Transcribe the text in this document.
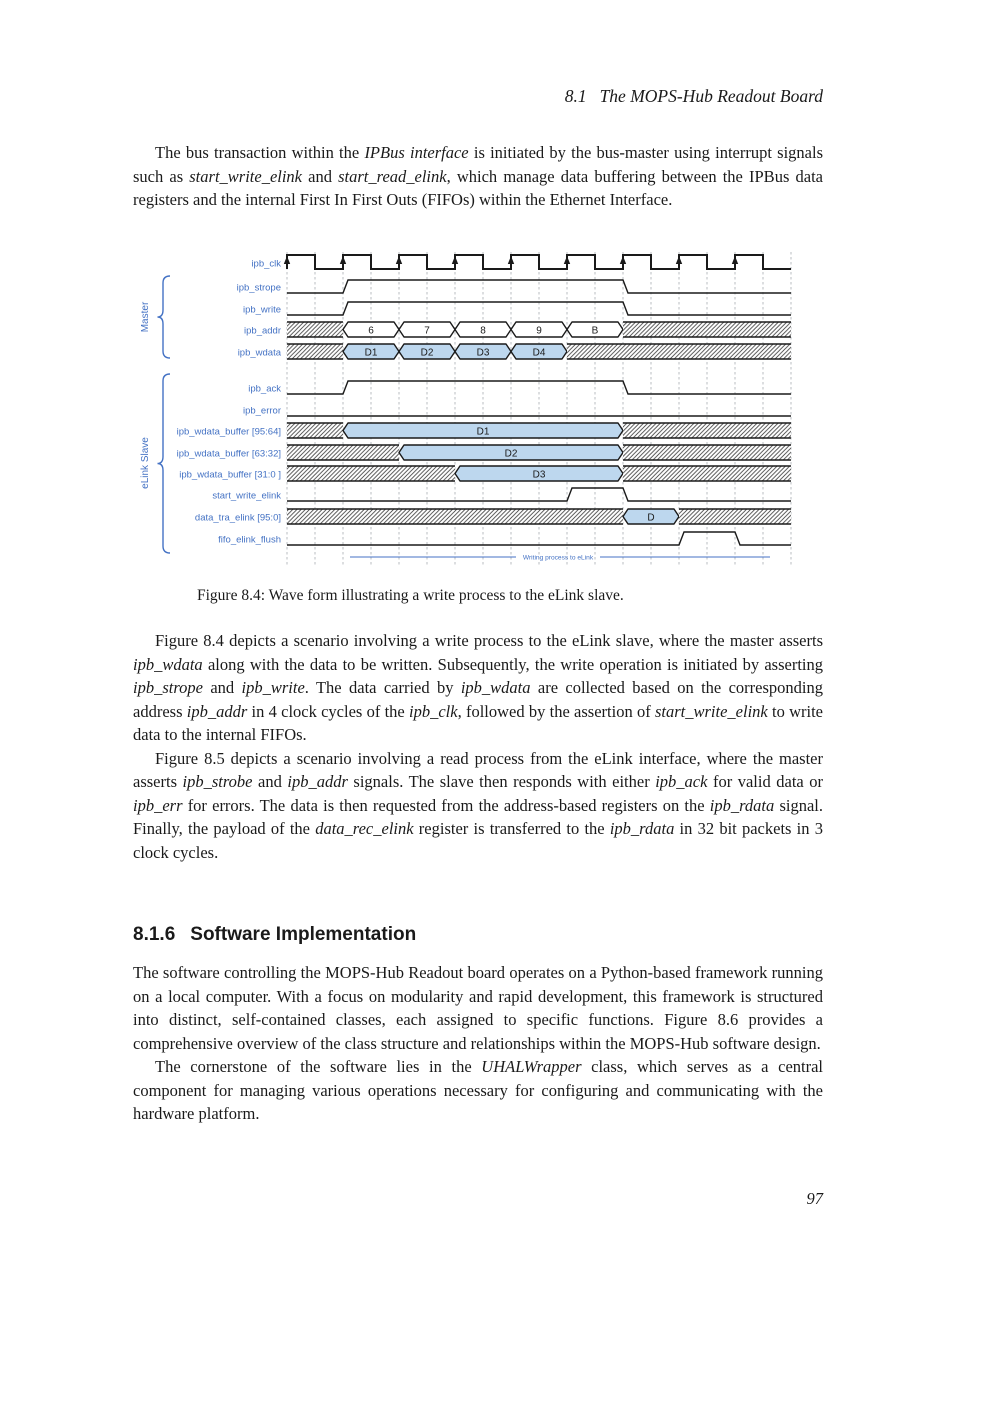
8.1 The MOPS-Hub Readout Board

The bus transaction within the IPBus interface is initiated by the bus-master using interrupt signals such as start_write_elink and start_read_elink, which manage data buffering between the IPBus data registers and the internal First In First Outs (FIFOs) within the Ethernet Interface.

ipb_clk
ipb_strope
ipb_write
ipb_addr	6	7	8	9	B
ipb_wdata	D1	D2	D3	D4
ipb_ack
ipb_error
ipb_wdata_buffer [95:64]	D1
ipb_wdata_buffer [63:32]	D2
ipb_wdata_buffer [31:0 ]	D3
start_write_elink
data_tra_elink [95:0]	D
fifo_elink_flush
Master
eLink Slave
Writing process to eLink
Figure 8.4: Wave form illustrating a write process to the eLink slave.

Figure 8.4 depicts a scenario involving a write process to the eLink slave, where the master asserts ipb_wdata along with the data to be written. Subsequently, the write operation is initiated by asserting ipb_strope and ipb_write. The data carried by ipb_wdata are collected based on the corresponding address ipb_addr in 4 clock cycles of the ipb_clk, followed by the assertion of start_write_elink to write data to the internal FIFOs.

Figure 8.5 depicts a scenario involving a read process from the eLink interface, where the master asserts ipb_strobe and ipb_addr signals. The slave then responds with either ipb_ack for valid data or ipb_err for errors. The data is then requested from the address-based registers on the ipb_rdata signal. Finally, the payload of the data_rec_elink register is transferred to the ipb_rdata in 32 bit packets in 3 clock cycles.

8.1.6 Software Implementation

The software controlling the MOPS-Hub Readout board operates on a Python-based framework running on a local computer. With a focus on modularity and rapid development, this framework is structured into distinct, self-contained classes, each assigned to specific functions. Figure 8.6 provides a comprehensive overview of the class structure and relationships within the MOPS-Hub software design.

The cornerstone of the software lies in the UHALWrapper class, which serves as a central component for managing various operations necessary for configuring and communicating with the hardware platform.

97
